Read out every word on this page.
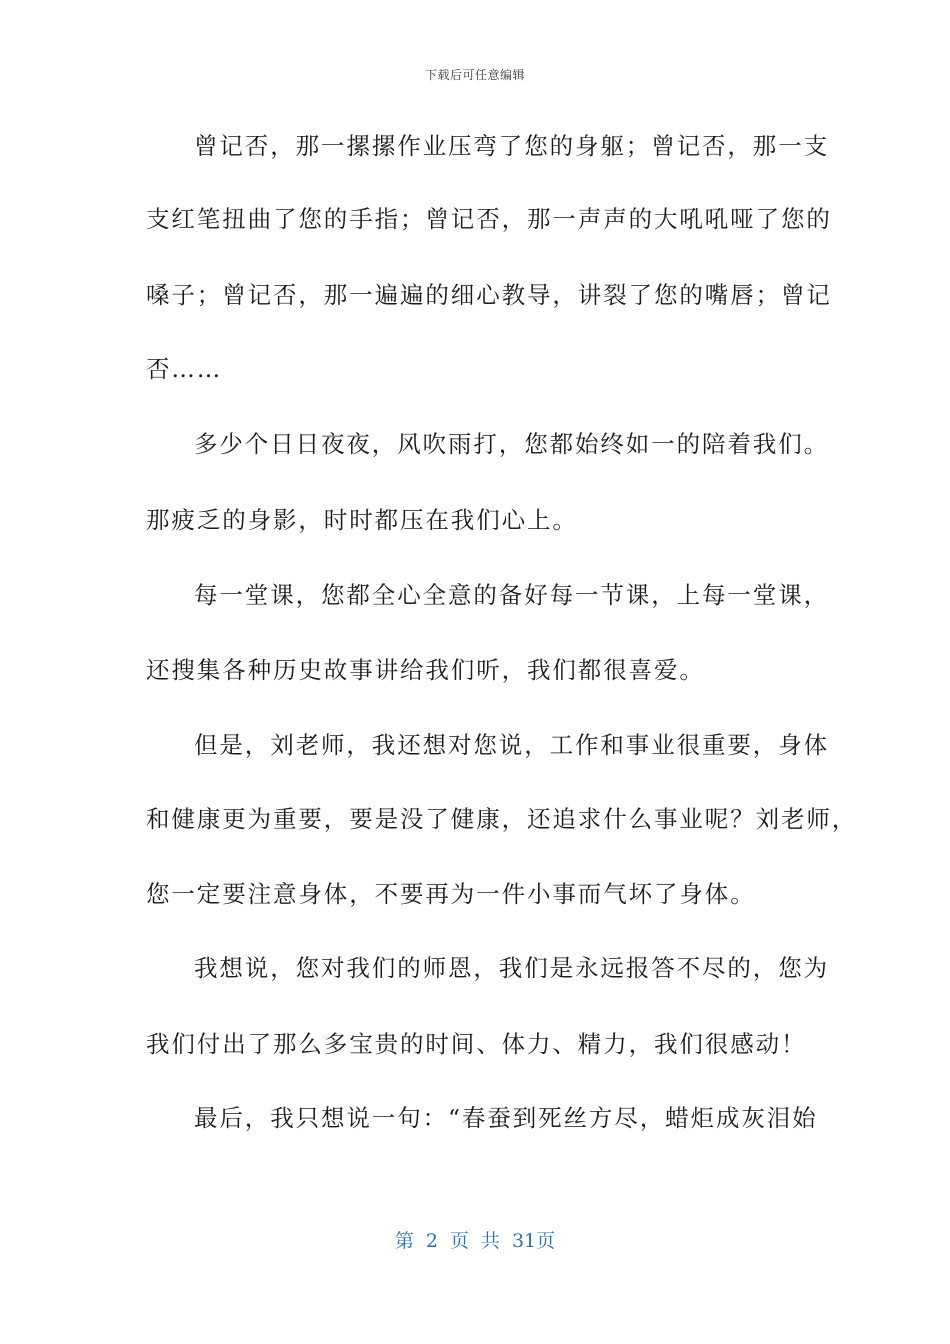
下载后可任意编辑
曾记否，那一摞摞作业压弯了您的身躯；曾记否，那一支
支红笔扭曲了您的手指；曾记否，那一声声的大吼吼哑了您的
嗓子；曾记否，那一遍遍的细心教导，讲裂了您的嘴唇；曾记
否……
多少个日日夜夜，风吹雨打，您都始终如一的陪着我们。
那疲乏的身影，时时都压在我们心上。
每一堂课，您都全心全意的备好每一节课，上每一堂课，
还搜集各种历史故事讲给我们听，我们都很喜爱。
但是，刘老师，我还想对您说，工作和事业很重要，身体
和健康更为重要，要是没了健康，还追求什么事业呢？刘老师，
您一定要注意身体，不要再为一件小事而气坏了身体。
我想说，您对我们的师恩，我们是永远报答不尽的，您为
我们付出了那么多宝贵的时间、体力、精力，我们很感动！
最后，我只想说一句：“春蚕到死丝方尽，蜡炬成灰泪始
第 2 页 共 31页
